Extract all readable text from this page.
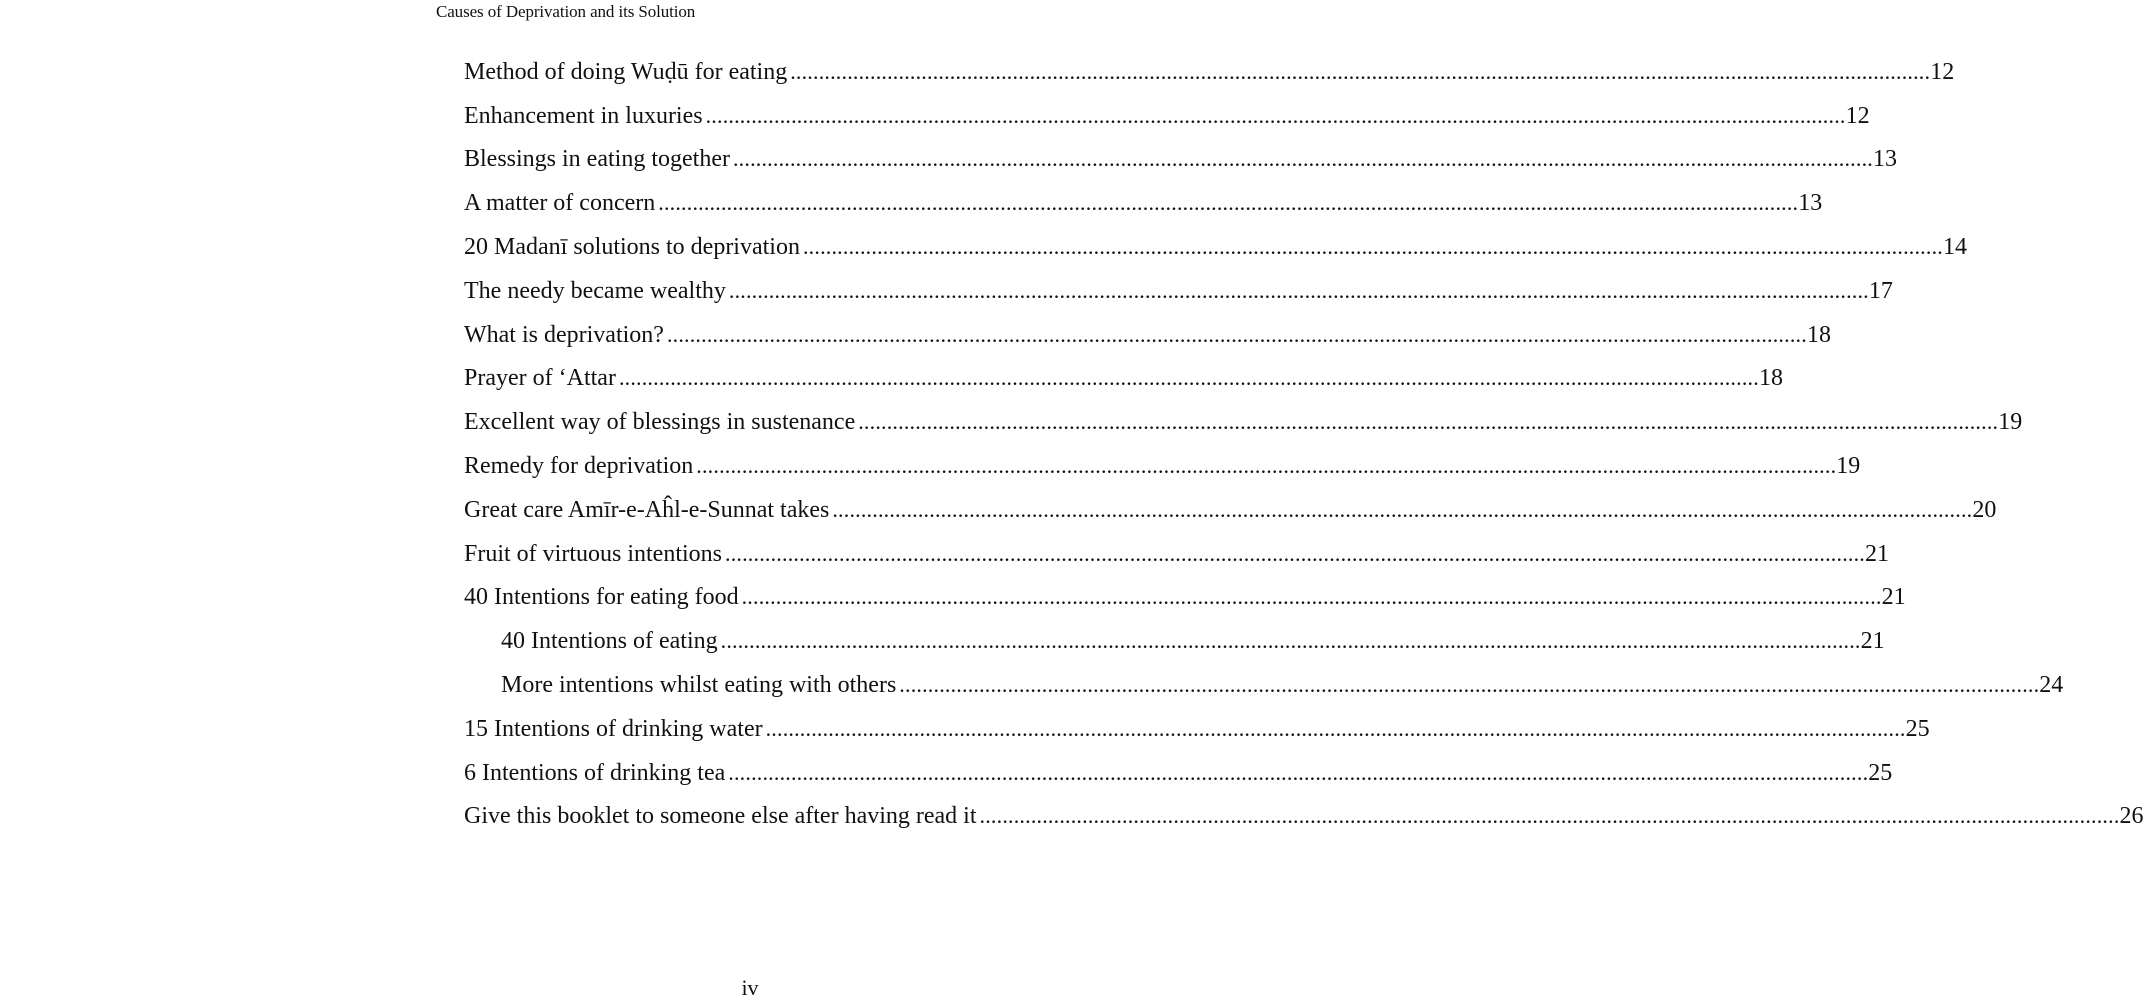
Causes of Deprivation and its Solution
Method of doing Wuḍū for eating ........................................................................................................................................................................................................ 12
Enhancement in luxuries ........................................................................................................................................................................................................ 12
Blessings in eating together ........................................................................................................................................................................................................ 13
A matter of concern ........................................................................................................................................................................................................ 13
20 Madanī solutions to deprivation ........................................................................................................................................................................................................ 14
The needy became wealthy ........................................................................................................................................................................................................ 17
What is deprivation? ........................................................................................................................................................................................................ 18
Prayer of ‘Attar ........................................................................................................................................................................................................ 18
Excellent way of blessings in sustenance ........................................................................................................................................................................................................ 19
Remedy for deprivation ........................................................................................................................................................................................................ 19
Great care Amīr-e-Aĥl-e-Sunnat takes ........................................................................................................................................................................................................ 20
Fruit of virtuous intentions ........................................................................................................................................................................................................ 21
40 Intentions for eating food ........................................................................................................................................................................................................ 21
40 Intentions of eating ........................................................................................................................................................................................................ 21
More intentions whilst eating with others ........................................................................................................................................................................................................ 24
15 Intentions of drinking water ........................................................................................................................................................................................................ 25
6 Intentions of drinking tea ........................................................................................................................................................................................................ 25
Give this booklet to someone else after having read it ........................................................................................................................................................................................................ 26
iv
